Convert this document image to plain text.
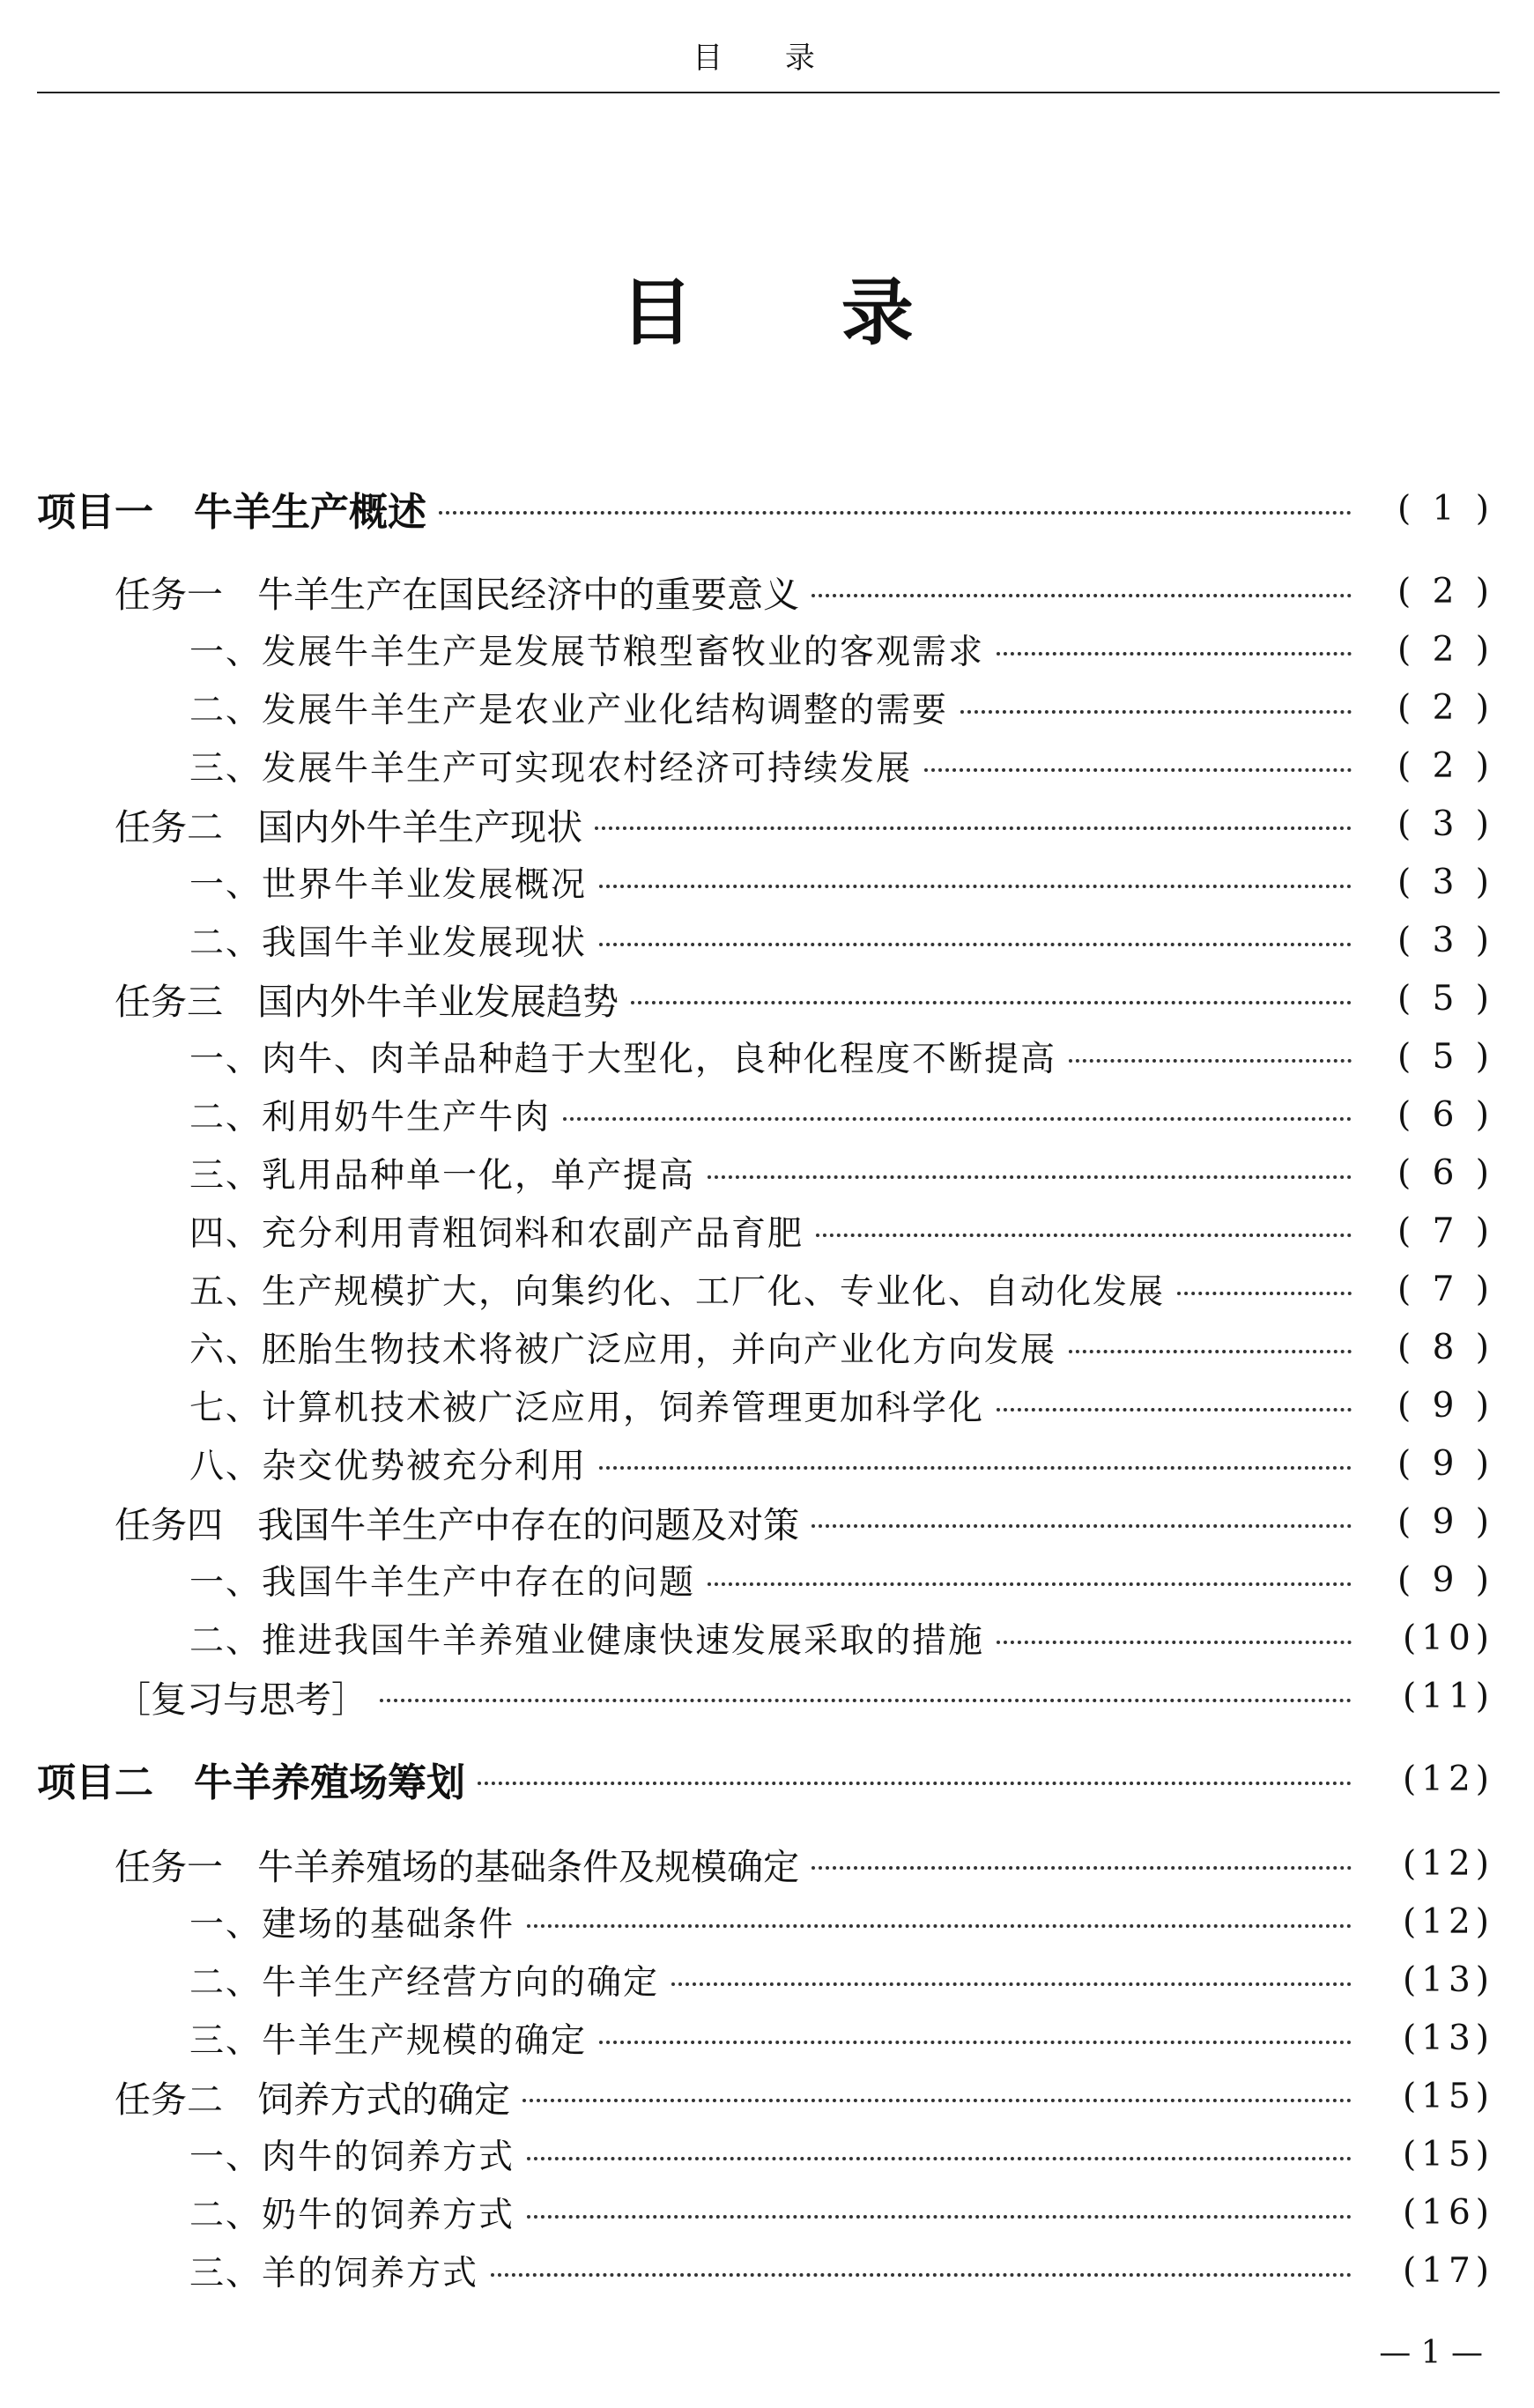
目 录
目 录
项目一   牛羊生产概述	( 1 )
任务一   牛羊生产在国民经济中的重要意义	( 2 )
一、发展牛羊生产是发展节粮型畜牧业的客观需求	( 2 )
二、发展牛羊生产是农业产业化结构调整的需要	( 2 )
三、发展牛羊生产可实现农村经济可持续发展	( 2 )
任务二   国内外牛羊生产现状	( 3 )
一、世界牛羊业发展概况	( 3 )
二、我国牛羊业发展现状	( 3 )
任务三   国内外牛羊业发展趋势	( 5 )
一、肉牛、肉羊品种趋于大型化，良种化程度不断提高	( 5 )
二、利用奶牛生产牛肉	( 6 )
三、乳用品种单一化，单产提高	( 6 )
四、充分利用青粗饲料和农副产品育肥	( 7 )
五、生产规模扩大，向集约化、工厂化、专业化、自动化发展	( 7 )
六、胚胎生物技术将被广泛应用，并向产业化方向发展	( 8 )
七、计算机技术被广泛应用，饲养管理更加科学化	( 9 )
八、杂交优势被充分利用	( 9 )
任务四   我国牛羊生产中存在的问题及对策	( 9 )
一、我国牛羊生产中存在的问题	( 9 )
二、推进我国牛羊养殖业健康快速发展采取的措施	(10)
［复习与思考］	(11)
项目二   牛羊养殖场筹划	(12)
任务一   牛羊养殖场的基础条件及规模确定	(12)
一、建场的基础条件	(12)
二、牛羊生产经营方向的确定	(13)
三、牛羊生产规模的确定	(13)
任务二   饲养方式的确定	(15)
一、肉牛的饲养方式	(15)
二、奶牛的饲养方式	(16)
三、羊的饲养方式	(17)
— 1 —
